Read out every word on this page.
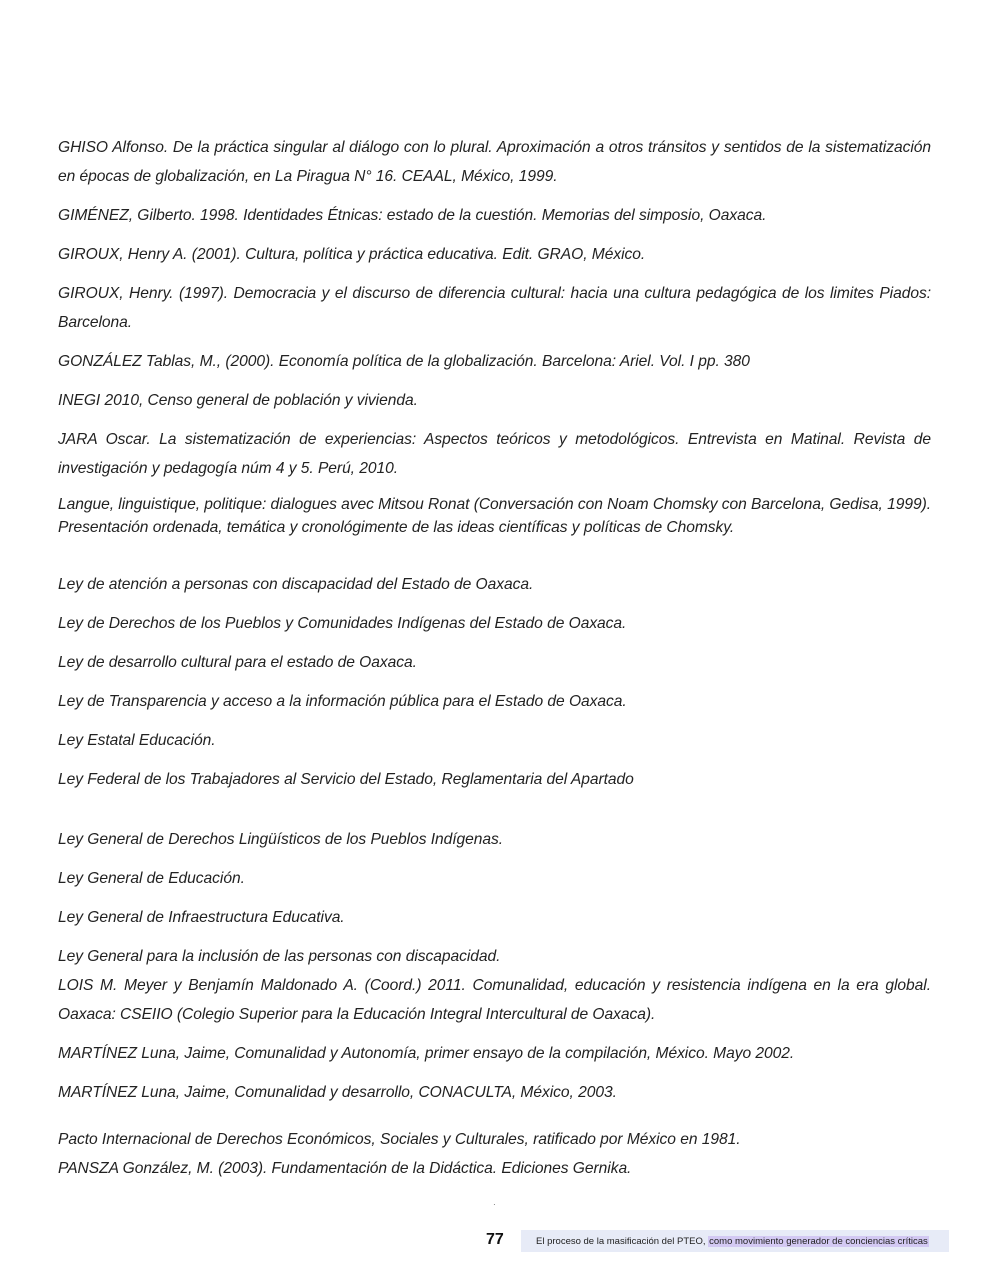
GHISO Alfonso. De la práctica singular al diálogo con lo plural. Aproximación a otros tránsitos y sentidos de la sistematización en épocas de globalización, en La Piragua N° 16. CEAAL, México, 1999.

GIMÉNEZ, Gilberto. 1998. Identidades Étnicas: estado de la cuestión. Memorias del simposio, Oaxaca.

GIROUX, Henry A. (2001). Cultura, política y práctica educativa. Edit. GRAO, México.

GIROUX, Henry. (1997). Democracia y el discurso de diferencia cultural: hacia una cultura pedagógica de los limites Piados: Barcelona.

GONZÁLEZ Tablas, M., (2000). Economía política de la globalización. Barcelona: Ariel. Vol. I pp. 380

INEGI 2010, Censo general de población y vivienda.

JARA Oscar. La sistematización de experiencias: Aspectos teóricos y metodológicos. Entrevista en Matinal. Revista de investigación y pedagogía núm 4 y 5. Perú, 2010.

Langue, linguistique, politique: dialogues avec Mitsou Ronat (Conversación con Noam Chomsky con Barcelona, Gedisa, 1999). Presentación ordenada, temática y cronológimente de las ideas científicas y políticas de Chomsky.

Ley de atención a personas con discapacidad del Estado de Oaxaca.

Ley de Derechos de los Pueblos y Comunidades Indígenas del Estado de Oaxaca.

Ley de desarrollo cultural para el estado de Oaxaca.

Ley de Transparencia y acceso a la información pública para el Estado de Oaxaca.

Ley Estatal Educación.

Ley Federal de los Trabajadores al Servicio del Estado, Reglamentaria del Apartado

Ley General de Derechos Lingüísticos de los Pueblos Indígenas.

Ley General de Educación.

Ley General de Infraestructura Educativa.

Ley General para la inclusión de las personas con discapacidad.

LOIS M. Meyer y Benjamín Maldonado A. (Coord.) 2011. Comunalidad, educación y resistencia indígena en la era global. Oaxaca: CSEIIO (Colegio Superior para la Educación Integral Intercultural de Oaxaca).

MARTÍNEZ Luna, Jaime, Comunalidad y Autonomía, primer ensayo de la compilación, México. Mayo 2002.

MARTÍNEZ Luna, Jaime, Comunalidad y desarrollo, CONACULTA, México, 2003.

Pacto Internacional de Derechos Económicos, Sociales y Culturales, ratificado por México en 1981.

PANSZA González, M. (2003). Fundamentación de la Didáctica. Ediciones Gernika.

·
77	El proceso de la masificación del PTEO, como movimiento generador de conciencias críticas
